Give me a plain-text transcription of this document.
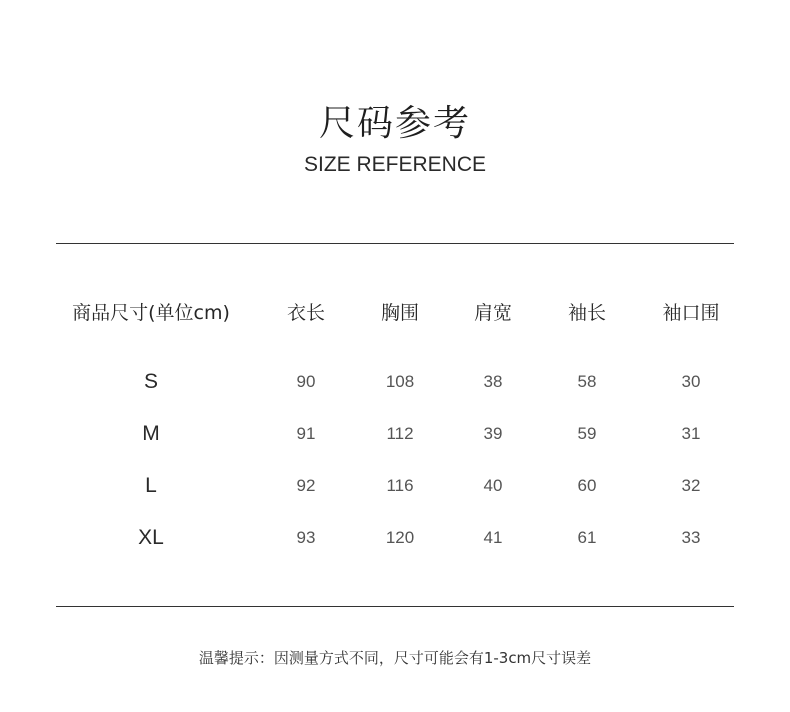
尺码参考
SIZE REFERENCE
商品尺寸(单位cm)	衣长	胸围	肩宽	袖长	袖口围
S	90	108	38	58	30
M	91	112	39	59	31
L	92	116	40	60	32
XL	93	120	41	61	33
温馨提示：因测量方式不同，尺寸可能会有1-3cm尺寸误差
